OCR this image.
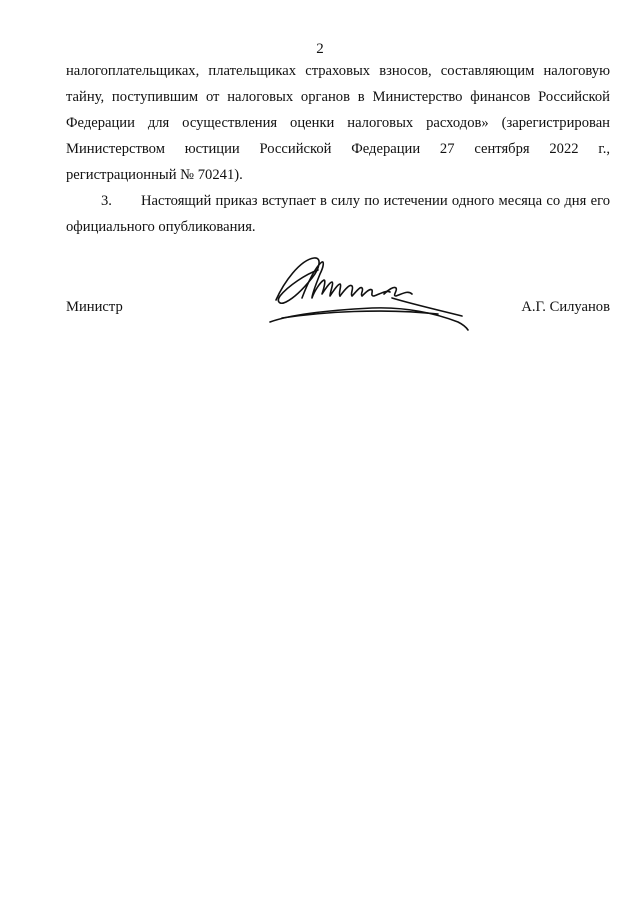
2
налогоплательщиках, плательщиках страховых взносов, составляющим налоговую
тайну, поступившим от налоговых органов в Министерство финансов Российской
Федерации для осуществления оценки налоговых расходов» (зарегистрирован
Министерством юстиции Российской Федерации 27 сентября 2022 г.,
регистрационный № 70241).
3.	Настоящий приказ вступает в силу по истечении одного месяца со дня его
официального опубликования.
Министр	А.Г. Силуанов
